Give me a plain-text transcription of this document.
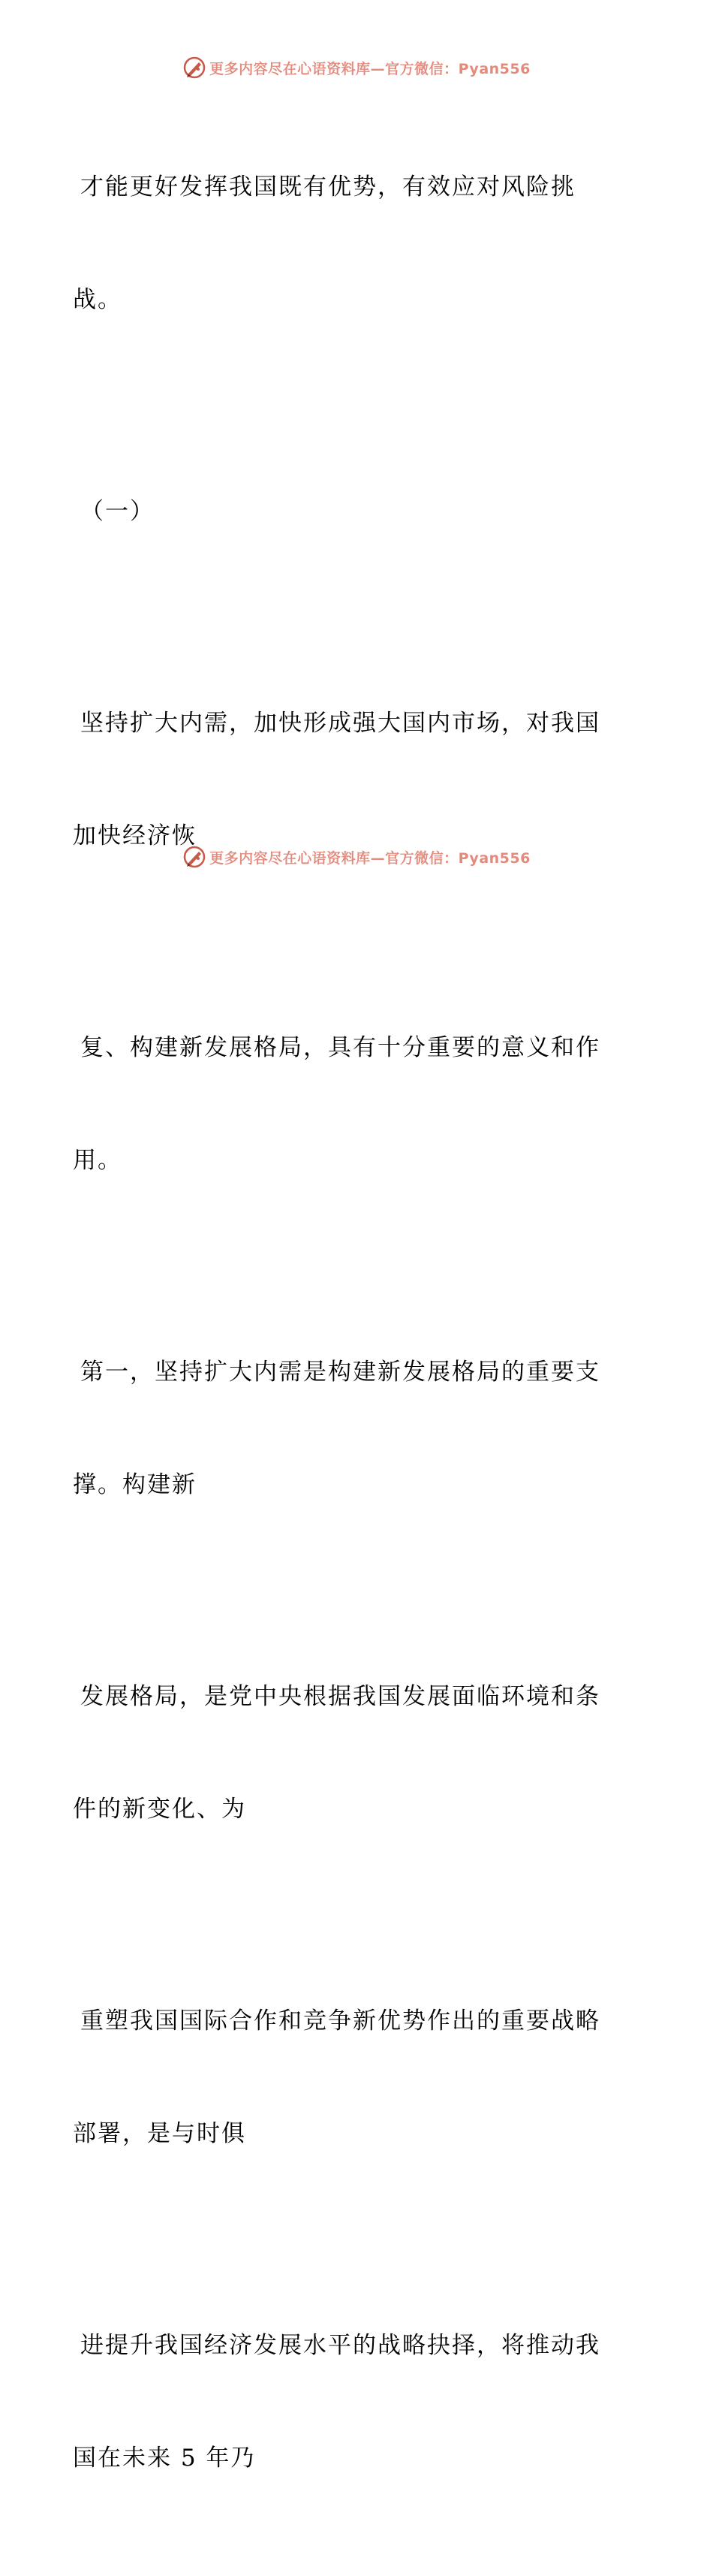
更多内容尽在心语资料库—官方微信：Pyan556

才能更好发挥我国既有优势，有效应对风险挑

战。

（一）

坚持扩大内需，加快形成强大国内市场，对我国

加快经济恢

复、构建新发展格局，具有十分重要的意义和作

用。

第一，坚持扩大内需是构建新发展格局的重要支

撑。构建新

发展格局，是党中央根据我国发展面临环境和条

件的新变化、为

重塑我国国际合作和竞争新优势作出的重要战略

部署，是与时俱

进提升我国经济发展水平的战略抉择，将推动我

国在未来 5 年乃

更多内容尽在心语资料库—官方微信：Pyan556
